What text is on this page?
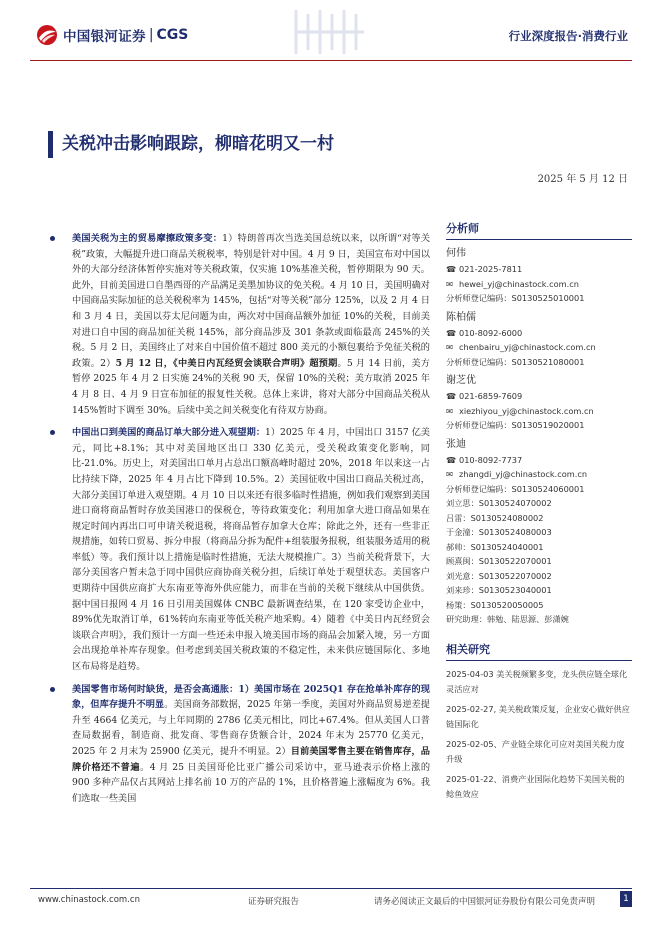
中国银河证券 | CGS	行业深度报告·消费行业
关税冲击影响跟踪，柳暗花明又一村
2025 年 5 月 12 日

美国关税为主的贸易摩擦政策多变：1）特朗普再次当选美国总统以来，以所谓“对等关税”政策，大幅提升进口商品关税税率，特别是针对中国。4 月 9 日，美国宣布对中国以外的大部分经济体暂停实施对等关税政策，仅实施 10%基准关税，暂停期限为 90 天。此外，目前美国进口自墨西哥的产品满足美墨加协议的免关税。4 月 10 日，美国明确对中国商品实际加征的总关税税率为 145%，包括“对等关税”部分 125%，以及 2 月 4 日和 3 月 4 日，美国以芬太尼问题为由，两次对中国商品额外加征 10%的关税，目前美对进口自中国的商品加征关税 145%，部分商品涉及 301 条款或面临最高 245%的关税。5 月 2 日，美国终止了对来自中国价值不超过 800 美元的小额包裹给予免征关税的政策。2）5 月 12 日，《中美日内瓦经贸会谈联合声明》超预期。5 月 14 日前，美方暂停 2025 年 4 月 2 日实施 24%的关税 90 天，保留 10%的关税；美方取消 2025 年 4 月 8 日、4 月 9 日宣布加征的报复性关税。总体上来讲，将对大部分中国商品关税从145%暂时下调至 30%。后续中美之间关税变化有待双方协商。

中国出口到美国的商品订单大部分进入观望期：1）2025 年 4 月，中国出口 3157 亿美元，同比+8.1%；其中对美国地区出口 330 亿美元，受关税政策变化影响，同比-21.0%。历史上，对美国出口单月占总出口额高峰时超过 20%，2018 年以来这一占比持续下降，2025 年 4 月占比下降到 10.5%。2）美国征收中国出口商品关税过高，大部分美国订单进入观望期。4 月 10 日以来还有很多临时性措施，例如我们观察到美国进口商将商品暂时存放美国港口的保税仓，等待政策变化；利用加拿大进口商品如果在规定时间内再出口可申请关税退税，将商品暂存加拿大仓库；除此之外，还有一些非正规措施，如转口贸易、拆分申报（将商品分拆为配件+组装服务报税，组装服务适用的税率低）等。我们预计以上措施是临时性措施，无法大规模推广。3）当前关税背景下，大部分美国客户暂未急于同中国供应商协商关税分担，后续订单处于观望状态。美国客户更期待中国供应商扩大东南亚等海外供应能力，而非在当前的关税下继续从中国供货。据中国日报网 4 月 16 日引用美国媒体 CNBC 最新调查结果，在 120 家受访企业中，89%优先取消订单，61%转向东南亚等低关税产地采购。4）随着《中美日内瓦经贸会谈联合声明》，我们预计一方面一些还未申报入境美国市场的商品会加紧入境，另一方面会出现抢单补库存现象。但考虑到美国关税政策的不稳定性，未来供应链国际化、多地区布局将是趋势。

美国零售市场何时缺货，是否会高通胀：1）美国市场在 2025Q1 存在抢单补库存的现象，但库存提升不明显。美国商务部数据，2025 年第一季度，美国对外商品贸易逆差提升至 4664 亿美元，与上年同期的 2786 亿美元相比，同比+67.4%。但从美国人口普查局数据看，制造商、批发商、零售商存货额合计，2024 年末为 25770 亿美元，2025 年 2 月末为 25900 亿美元，提升不明显。2）目前美国零售主要在销售库存，品牌价格还不普遍。4 月 25 日美国哥伦比亚广播公司采访中，亚马逊表示价格上涨的 900 多种产品仅占其网站上排名前 10 万的产品的 1%，且价格普遍上涨幅度为 6%。我们选取一些美国

分析师
何伟
☎ 021-2025-7811
✉ hewei_yj@chinastock.com.cn
分析师登记编码：S0130525010001
陈柏儒
☎ 010-8092-6000
✉ chenbairu_yj@chinastock.com.cn
分析师登记编码：S0130521080001
谢芝优
☎ 021-6859-7609
✉ xiezhiyou_yj@chinastock.com.cn
分析师登记编码：S0130519020001
张迪
☎ 010-8092-7737
✉ zhangdi_yj@chinastock.com.cn
分析师登记编码：S0130524060001
刘立思：S0130524070002
吕雷：S0130524080002
于金潼：S0130524080003
郝帅：S0130524040001
顾熹闽：S0130522070001
刘光意：S0130522070002
刘来珍：S0130523040001
杨策：S0130520050005
研究助理：韩勉、陆思源、彭潇婉
相关研究
2025-04-03 美关税频繁多变，龙头供应链全球化灵活应对
2025-02-27, 美关税政策反复，企业安心做好供应链国际化
2025-02-05、产业链全球化可应对美国关税力度升级
2025-01-22、消费产业国际化趋势下美国关税的鲶鱼效应
www.chinastock.com.cn	证券研究报告	请务必阅读正文最后的中国银河证券股份有限公司免责声明	1
